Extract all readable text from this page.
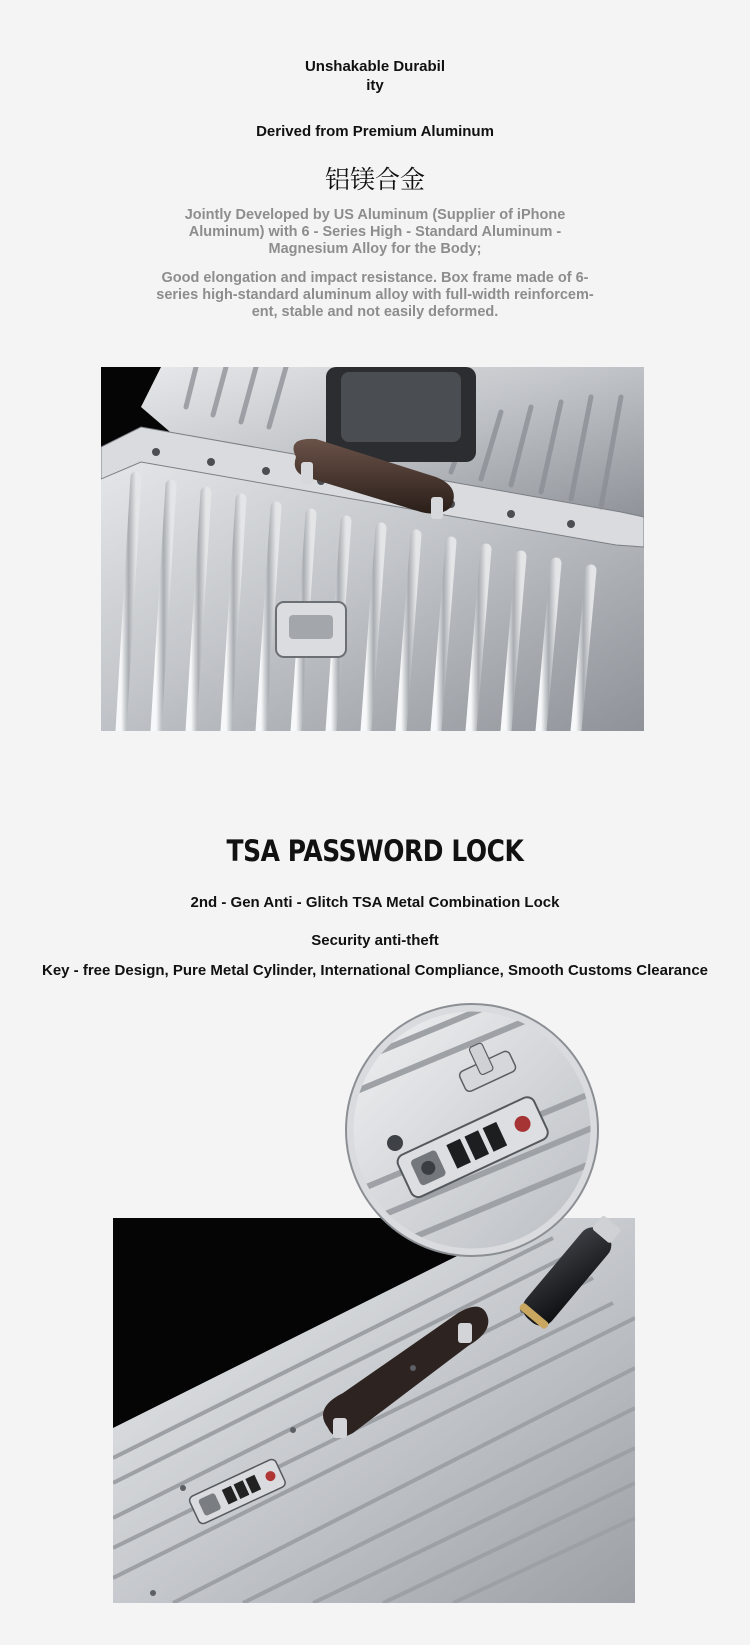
Unshakable Durabil
ity
Derived from Premium Aluminum
铝镁合金
Jointly Developed by US Aluminum (Supplier of iPhone
Aluminum) with 6 - Series High - Standard Aluminum -
Magnesium Alloy for the Body;
Good elongation and impact resistance. Box frame made of 6-
series high-standard aluminum alloy with full-width reinforcem-
ent, stable and not easily deformed.
TSA PASSWORD LOCK
2nd - Gen Anti - Glitch TSA Metal Combination Lock
Security anti-theft
Key - free Design, Pure Metal Cylinder, International Compliance, Smooth Customs Clearance
